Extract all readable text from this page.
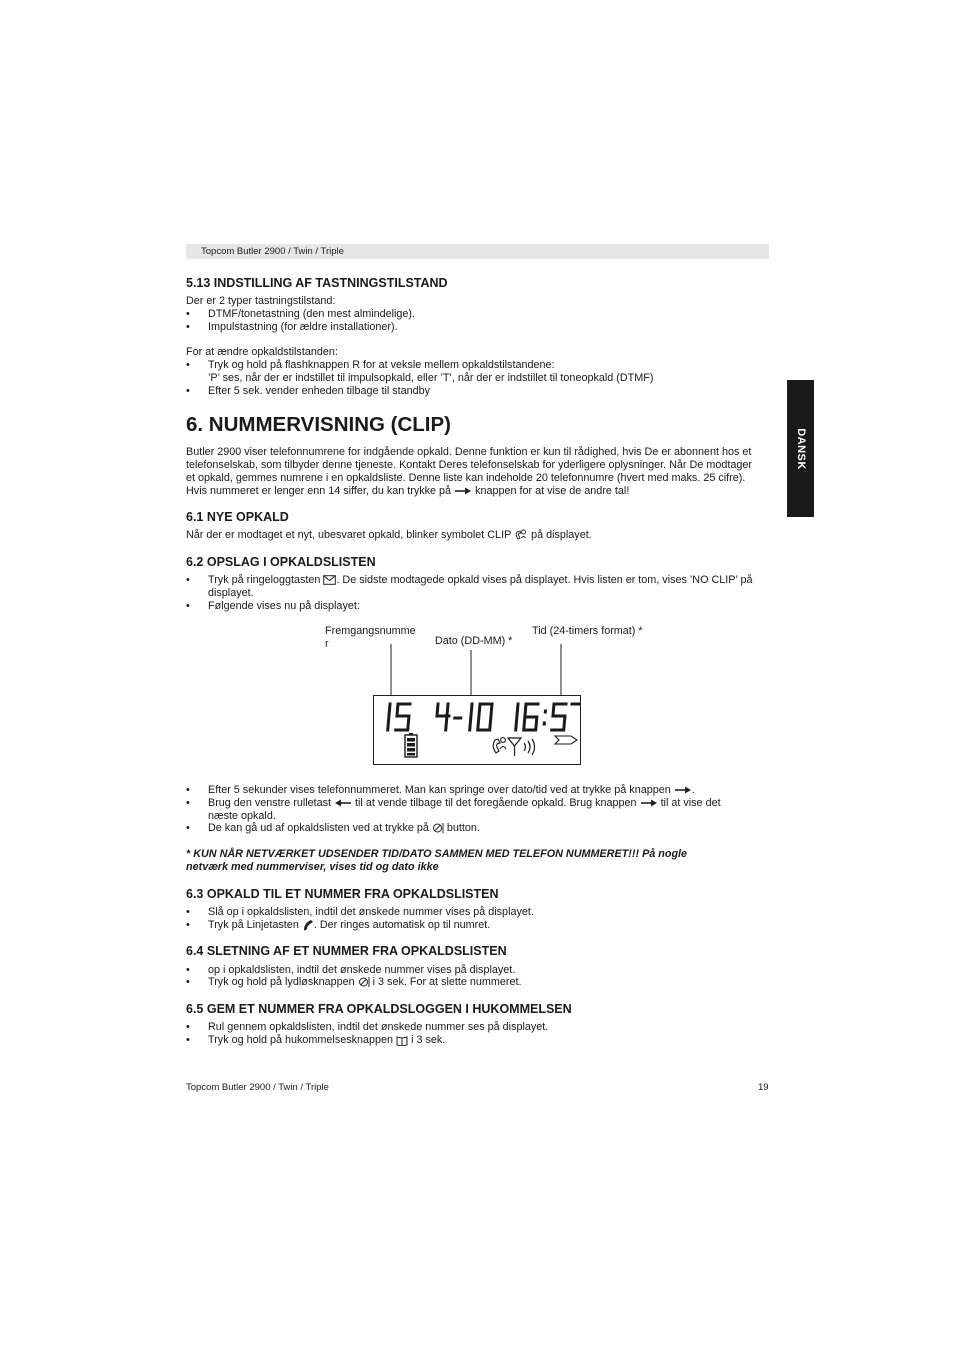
Topcom Butler 2900 / Twin / Triple
DANSK
5.13 INDSTILLING AF TASTNINGSTILSTAND
Der er 2 typer tastningstilstand:
• DTMF/tonetastning (den mest almindelige).
• Impulstastning (for ældre installationer).
For at ændre opkaldstilstanden:
• Tryk og hold på flashknappen R for at veksle mellem opkaldstilstandene:
’P’ ses, når der er indstillet til impulsopkald, eller ’T’, når der er indstillet til toneopkald (DTMF)
• Efter 5 sek. vender enheden tilbage til standby
6. NUMMERVISNING (CLIP)
Butler 2900 viser telefonnumrene for indgående opkald. Denne funktion er kun til rådighed, hvis De er abonnent hos et
telefonselskab, som tilbyder denne tjeneste. Kontakt Deres telefonselskab for yderligere oplysninger. Når De modtager
et opkald, gemmes numrene i en opkaldsliste. Denne liste kan indeholde 20 telefonnumre (hvert med maks. 25 cifre).
Hvis nummeret er lenger enn 14 siffer, du kan trykke på knappen for at vise de andre tal!
6.1 NYE OPKALD
Når der er modtaget et nyt, ubesvaret opkald, blinker symbolet CLIP på displayet.
6.2 OPSLAG I OPKALDSLISTEN
• Tryk på ringeloggtasten . De sidste modtagede opkald vises på displayet. Hvis listen er tom, vises ’NO CLIP’ på
displayet.
• Følgende vises nu på displayet:
Fremgangsnumme
r	Dato (DD-MM) *
Tid (24-timers format) *
• Efter 5 sekunder vises telefonnummeret. Man kan springe over dato/tid ved at trykke på knappen .
• Brug den venstre rulletast til at vende tilbage til det foregående opkald. Brug knappen til at vise det
næste opkald.
• De kan gå ud af opkaldslisten ved at trykke på button.
* KUN NÅR NETVÆRKET UDSENDER TID/DATO SAMMEN MED TELEFON NUMMERET!!! På nogle
netværk med nummerviser, vises tid og dato ikke
6.3 OPKALD TIL ET NUMMER FRA OPKALDSLISTEN
• Slå op i opkaldslisten, indtil det ønskede nummer vises på displayet.
• Tryk på Linjetasten . Der ringes automatisk op til numret.
6.4 SLETNING AF ET NUMMER FRA OPKALDSLISTEN
• op i opkaldslisten, indtil det ønskede nummer vises på displayet.
• Tryk og hold på lydløsknappen i 3 sek. For at slette nummeret.
6.5 GEM ET NUMMER FRA OPKALDSLOGGEN I HUKOMMELSEN
• Rul gennem opkaldslisten, indtil det ønskede nummer ses på displayet.
• Tryk og hold på hukommelsesknappen i 3 sek.
Topcom Butler 2900 / Twin / Triple	19
